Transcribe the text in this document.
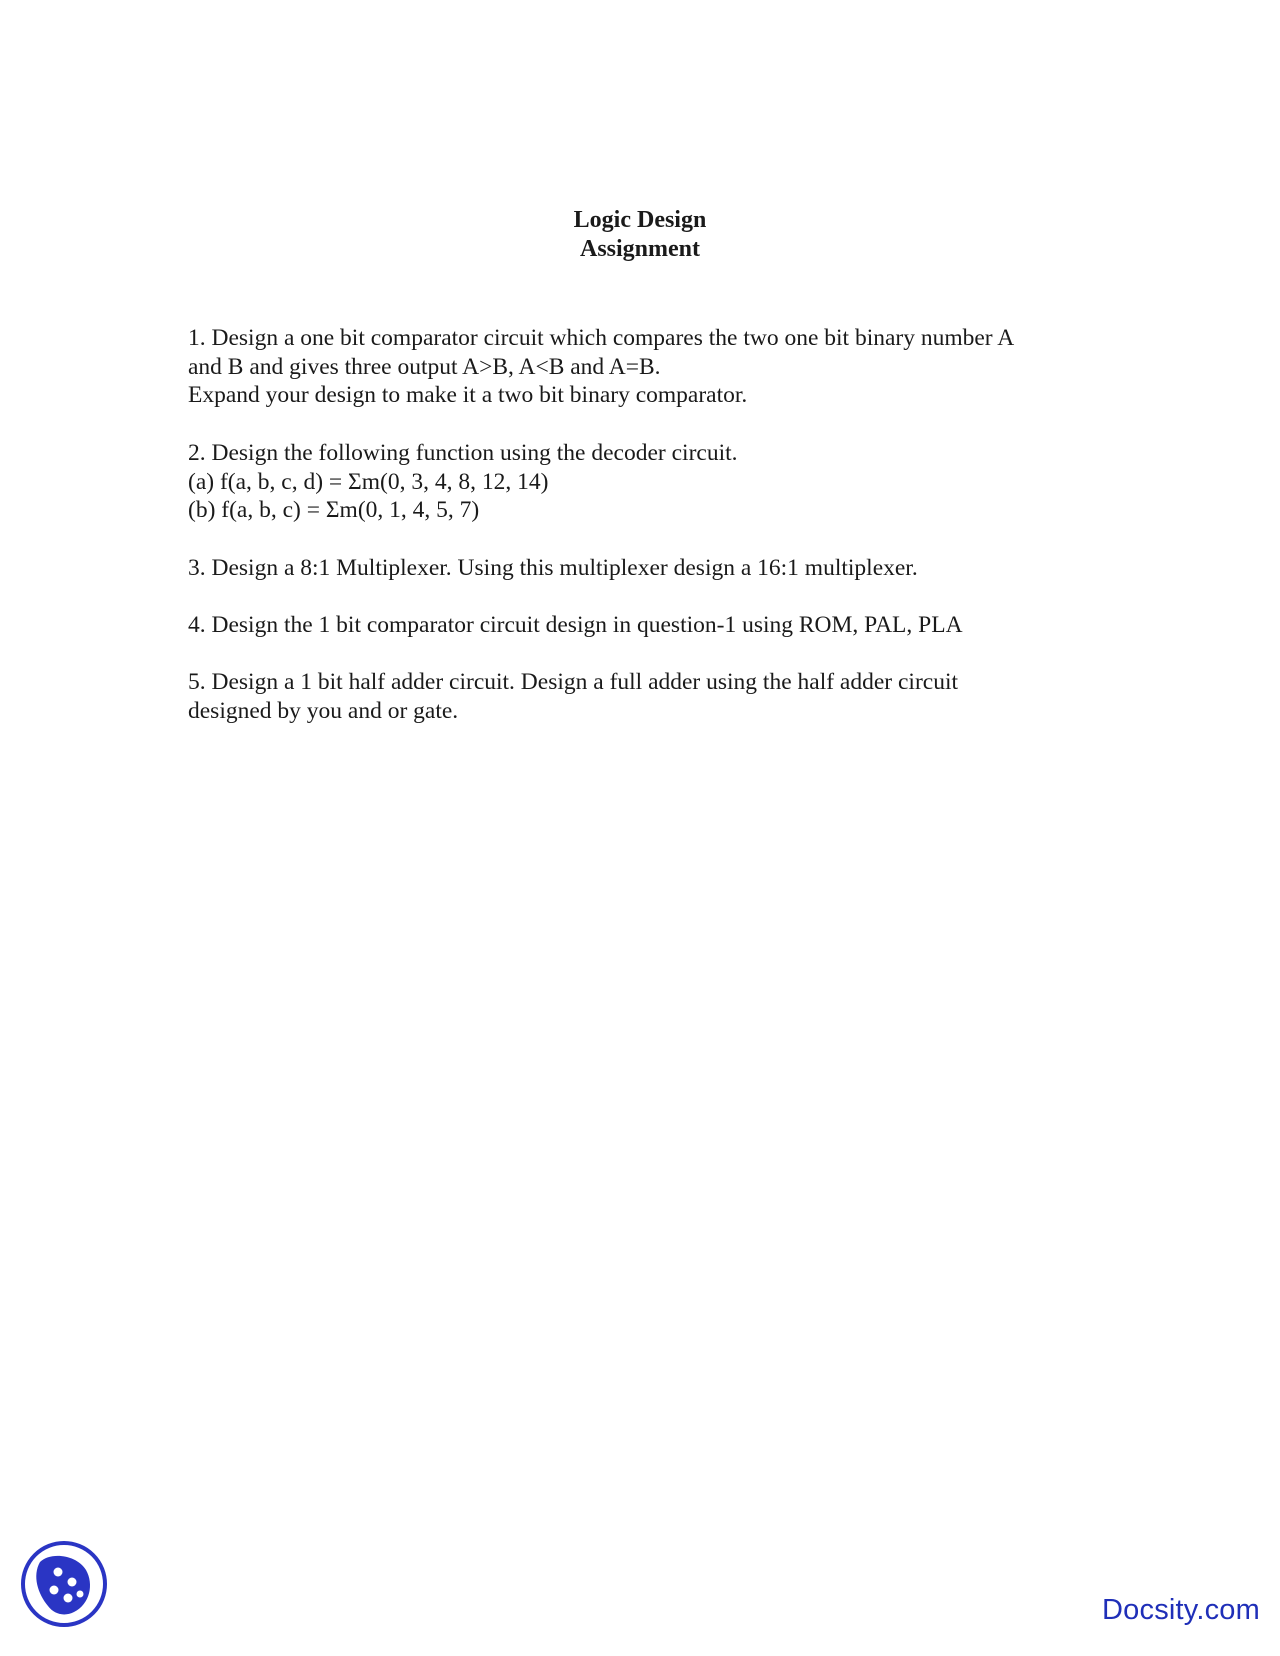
Logic Design
Assignment
1. Design a one bit comparator circuit which compares the two one bit binary number A
and B and gives three output A>B, A<B and A=B.
Expand your design to make it a two bit binary comparator.
2. Design the following function using the decoder circuit.
(a) f(a, b, c, d) = Σm(0, 3, 4, 8, 12, 14)
(b) f(a, b, c) = Σm(0, 1, 4, 5, 7)
3. Design a 8:1 Multiplexer. Using this multiplexer design a 16:1 multiplexer.
4. Design the 1 bit comparator circuit design in question-1 using ROM, PAL, PLA
5. Design a 1 bit half adder circuit. Design a full adder using the half adder circuit
designed by you and or gate.
Docsity.com
